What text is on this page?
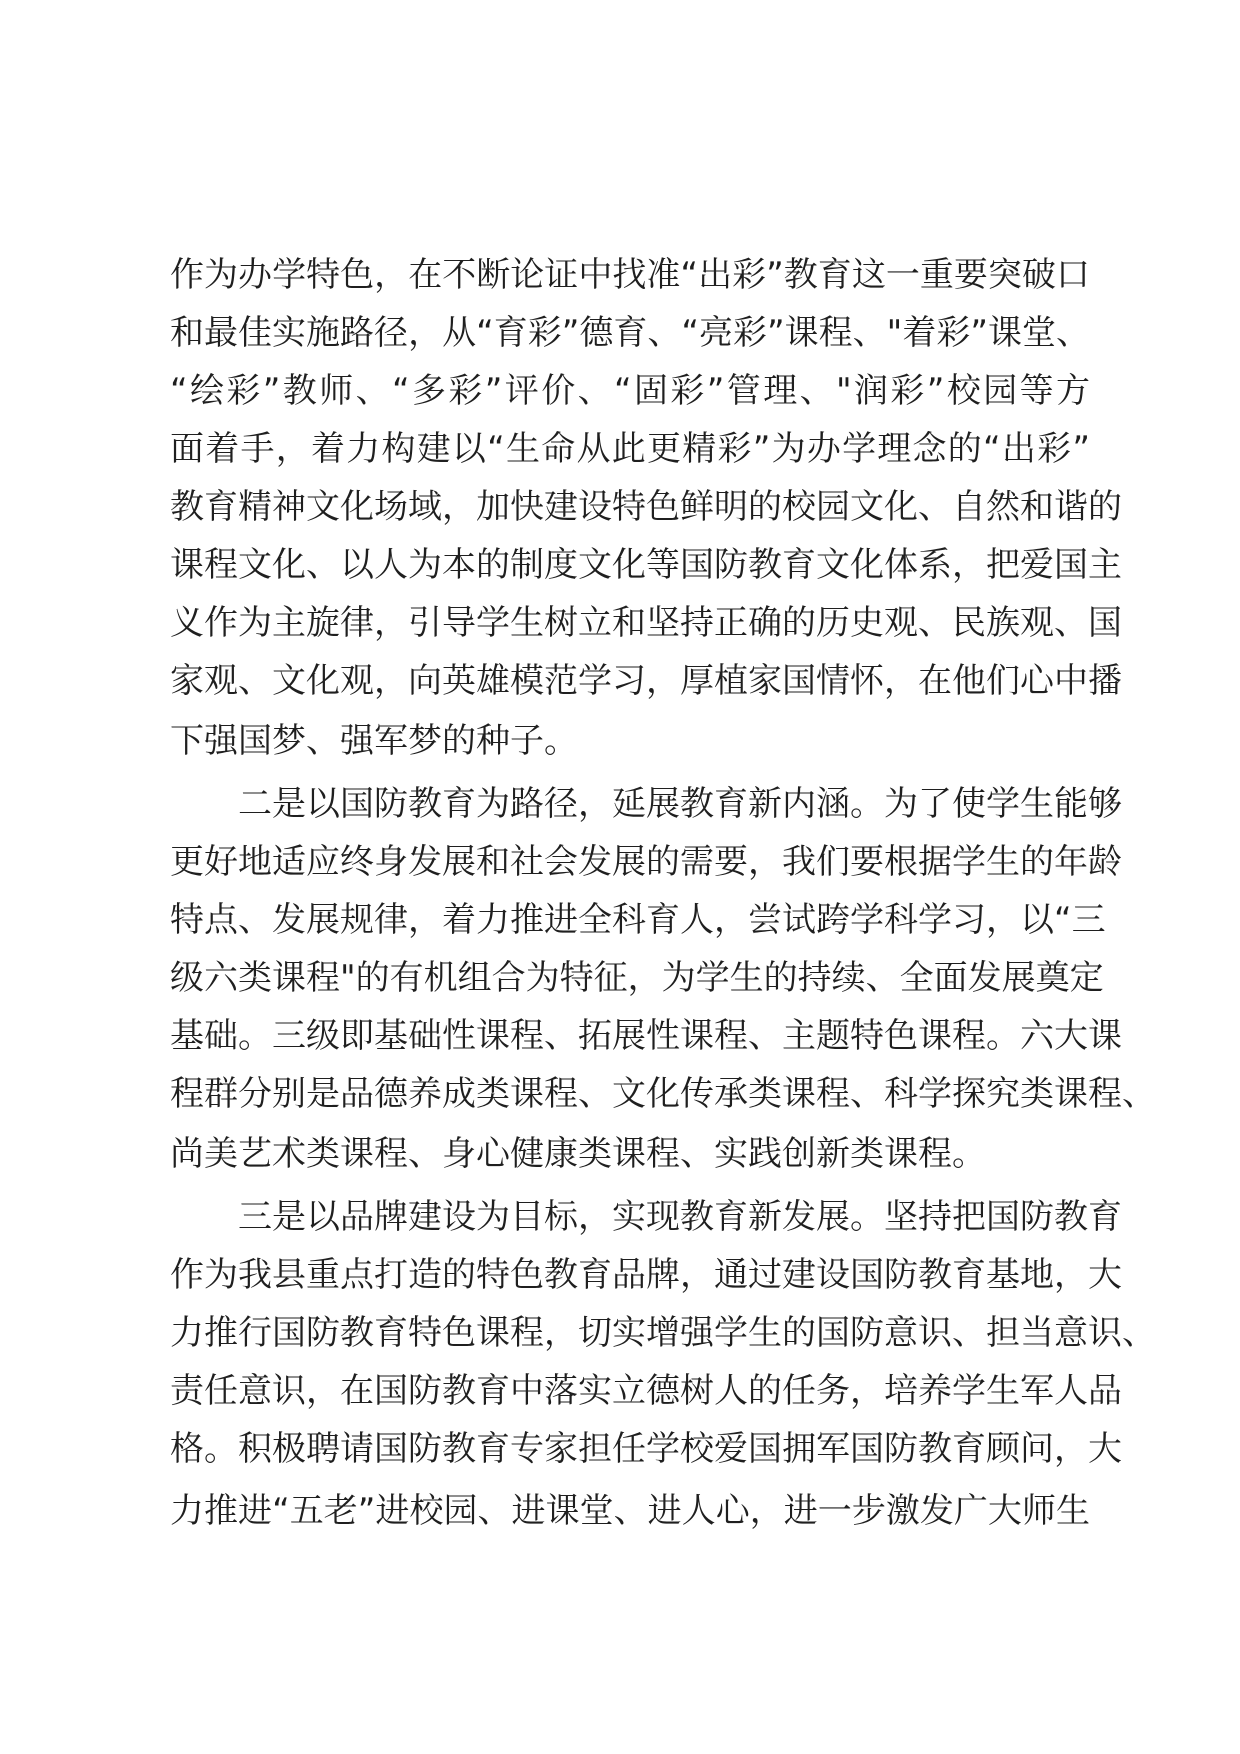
作为办学特色，在不断论证中找准“出彩”教育这一重要突破口
和最佳实施路径，从“育彩”德育、“亮彩”课程、"着彩”课堂、
“绘彩”教师、“多彩”评价、“固彩”管理、"润彩”校园等方
面着手，着力构建以“生命从此更精彩”为办学理念的“出彩”
教育精神文化场域，加快建设特色鲜明的校园文化、自然和谐的
课程文化、以人为本的制度文化等国防教育文化体系，把爱国主
义作为主旋律，引导学生树立和坚持正确的历史观、民族观、国
家观、文化观，向英雄模范学习，厚植家国情怀，在他们心中播
下强国梦、强军梦的种子。
二是以国防教育为路径，延展教育新内涵。为了使学生能够
更好地适应终身发展和社会发展的需要，我们要根据学生的年龄
特点、发展规律，着力推进全科育人，尝试跨学科学习，以“三
级六类课程"的有机组合为特征，为学生的持续、全面发展奠定
基础。三级即基础性课程、拓展性课程、主题特色课程。六大课
程群分别是品德养成类课程、文化传承类课程、科学探究类课程、
尚美艺术类课程、身心健康类课程、实践创新类课程。
三是以品牌建设为目标，实现教育新发展。坚持把国防教育
作为我县重点打造的特色教育品牌，通过建设国防教育基地，大
力推行国防教育特色课程，切实增强学生的国防意识、担当意识、
责任意识，在国防教育中落实立德树人的任务，培养学生军人品
格。积极聘请国防教育专家担任学校爱国拥军国防教育顾问，大
力推进“五老”进校园、进课堂、进人心，进一步激发广大师生
